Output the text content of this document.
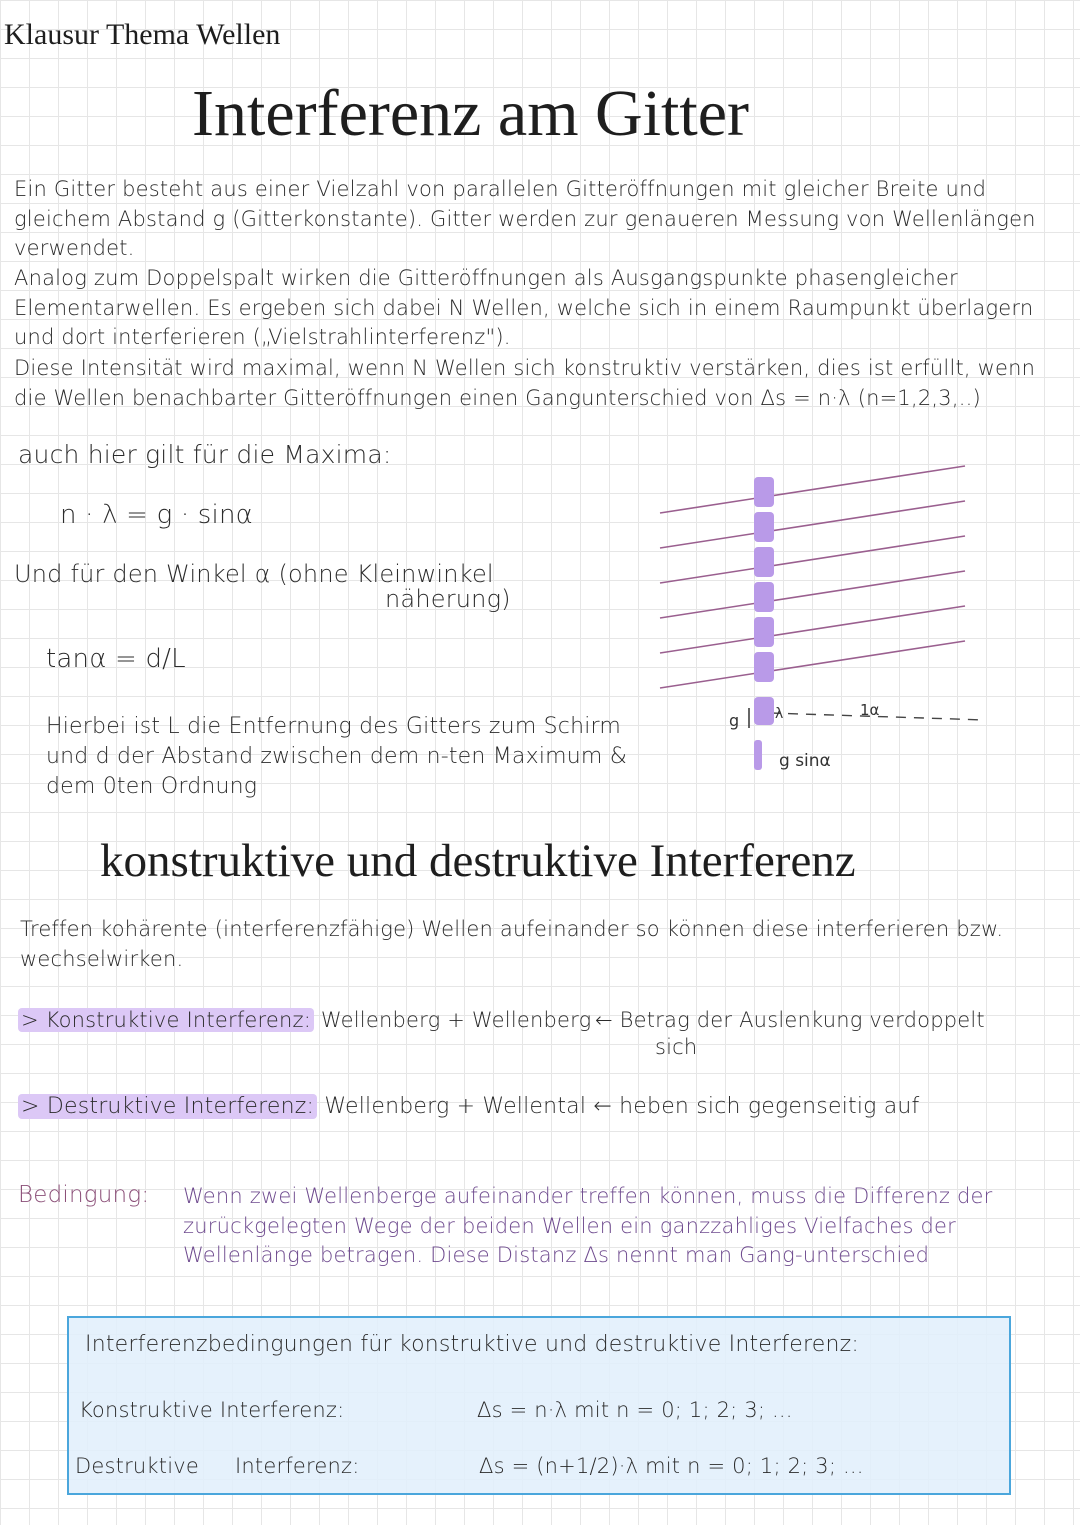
Klausur Thema Wellen
Interferenz am Gitter
Ein Gitter besteht aus einer Vielzahl von parallelen Gitteröffnungen mit gleicher Breite und gleichem Abstand g (Gitterkonstante). Gitter werden zur genaueren Messung von Wellenlängen verwendet.
Analog zum Doppelspalt wirken die Gitteröffnungen als Ausgangspunkte phasengleicher Elementarwellen. Es ergeben sich dabei N Wellen, welche sich in einem Raumpunkt überlagern und dort interferieren („Vielstrahlinterferenz").
Diese Intensität wird maximal, wenn N Wellen sich konstruktiv verstärken, dies ist erfüllt, wenn die Wellen benachbarter Gitteröffnungen einen Gangunterschied von Δs = n·λ (n=1,2,3,..)
auch hier gilt für die Maxima:
n · λ = g · sinα
Und für den Winkel α (ohne Kleinwinkel
näherung)
tanα = d/L
Hierbei ist L die Entfernung des Gitters zum Schirm und d der Abstand zwischen dem n-ten Maximum & dem 0ten Ordnung
g	λ	1α
g sinα
konstruktive und destruktive Interferenz
Treffen kohärente (interferenzfähige) Wellen aufeinander so können diese interferieren bzw. wechselwirken.
> Konstruktive Interferenz: Wellenberg + Wellenberg ← Betrag der Auslenkung verdoppelt
sich
> Destruktive Interferenz: Wellenberg + Wellental ← heben sich gegenseitig auf
Bedingung: Wenn zwei Wellenberge aufeinander treffen können, muss die Differenz der zurückgelegten Wege der beiden Wellen ein ganzzahliges Vielfaches der Wellenlänge betragen. Diese Distanz Δs nennt man Gang-unterschied
Interferenzbedingungen für konstruktive und destruktive Interferenz:
Konstruktive Interferenz:	Δs = n·λ mit n = 0; 1; 2; 3; ...
Destruktive Interferenz:	Δs = (n+1/2)·λ mit n = 0; 1; 2; 3; ...
